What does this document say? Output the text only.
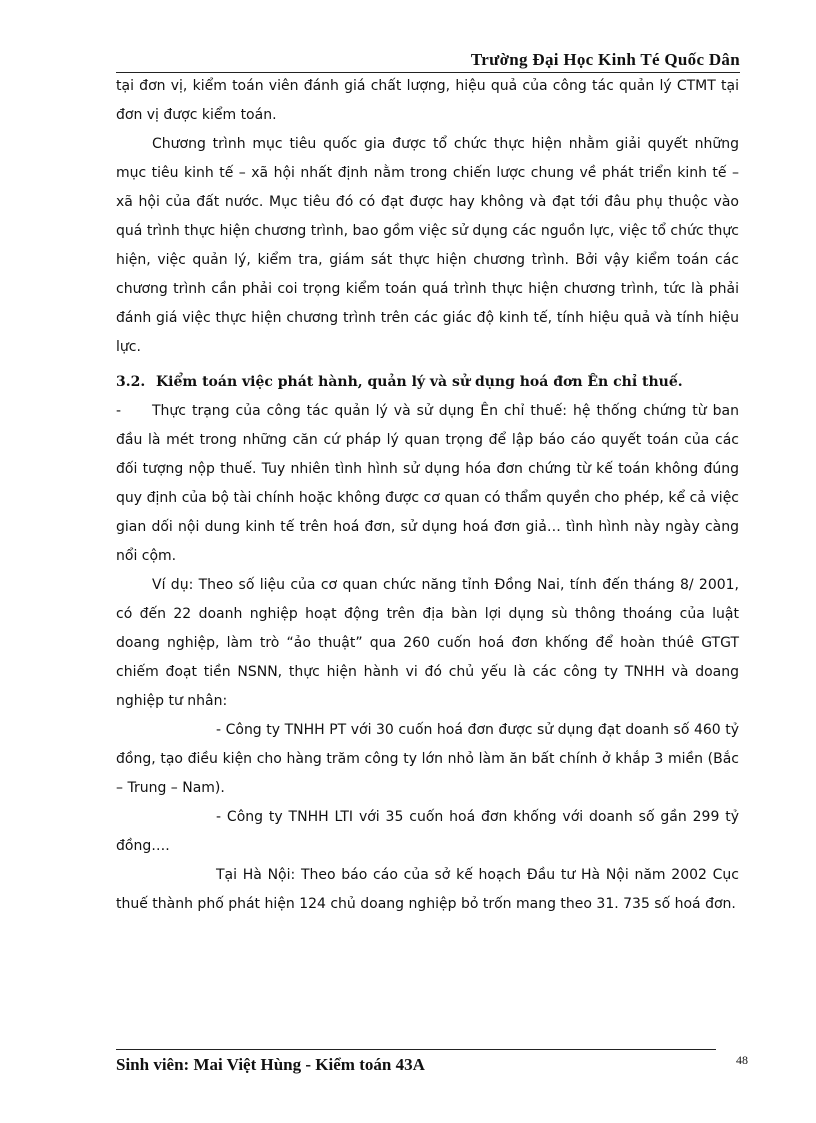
Trường Đại Học Kinh Té Quốc Dân

tại đơn vị, kiểm toán viên đánh giá chất lượng, hiệu quả của công tác quản lý CTMT tại đơn vị được kiểm toán.

Chương trình mục tiêu quốc gia được tổ chức thực hiện nhằm giải quyết những mục tiêu kinh tế – xã hội nhất định nằm trong chiến lược chung về phát triển kinh tế – xã hội của đất nước. Mục tiêu đó có đạt được hay không và đạt tới đâu phụ thuộc vào quá trình thực hiện chương trình, bao gồm việc sử dụng các nguồn lực, việc tổ chức thực hiện, việc quản lý, kiểm tra, giám sát thực hiện chương trình. Bởi vậy kiểm toán các chương trình cần phải coi trọng kiểm toán quá trình thực hiện chương trình, tức là phải đánh giá việc thực hiện chương trình trên các giác độ kinh tế, tính hiệu quả và tính hiệu lực.

3.2. Kiểm toán việc phát hành, quản lý và sử dụng hoá đơn Ên chỉ thuế.

- Thực trạng của công tác quản lý và sử dụng Ên chỉ thuế: hệ thống chứng từ ban đầu là mét trong những căn cứ pháp lý quan trọng để lập báo cáo quyết toán của các đối tượng nộp thuế. Tuy nhiên tình hình sử dụng hóa đơn chứng từ kế toán không đúng quy định của bộ tài chính hoặc không được cơ quan có thẩm quyền cho phép, kể cả việc gian dối nội dung kinh tế trên hoá đơn, sử dụng hoá đơn giả… tình hình này ngày càng nổi cộm.

Ví dụ: Theo số liệu của cơ quan chức năng tỉnh Đồng Nai, tính đến tháng 8/ 2001, có đến 22 doanh nghiệp hoạt động trên địa bàn lợi dụng sù thông thoáng của luật doang nghiệp, làm trò “ảo thuật” qua 260 cuốn hoá đơn khống để hoàn thúê GTGT chiếm đoạt tiền NSNN, thực hiện hành vi đó chủ yếu là các công ty TNHH và doang nghiệp tư nhân:

- Công ty TNHH PT với 30 cuốn hoá đơn được sử dụng đạt doanh số 460 tỷ đồng, tạo điều kiện cho hàng trăm công ty lớn nhỏ làm ăn bất chính ở khắp 3 miền (Bắc – Trung – Nam).

- Công ty TNHH LTI với 35 cuốn hoá đơn khống với doanh số gần 299 tỷ đồng….

Tại Hà Nội: Theo báo cáo của sở kế hoạch Đầu tư Hà Nội năm 2002 Cục thuế thành phố phát hiện 124 chủ doang nghiệp bỏ trốn mang theo 31. 735 số hoá đơn.

Sinh viên: Mai Việt Hùng - Kiểm toán 43A	48
